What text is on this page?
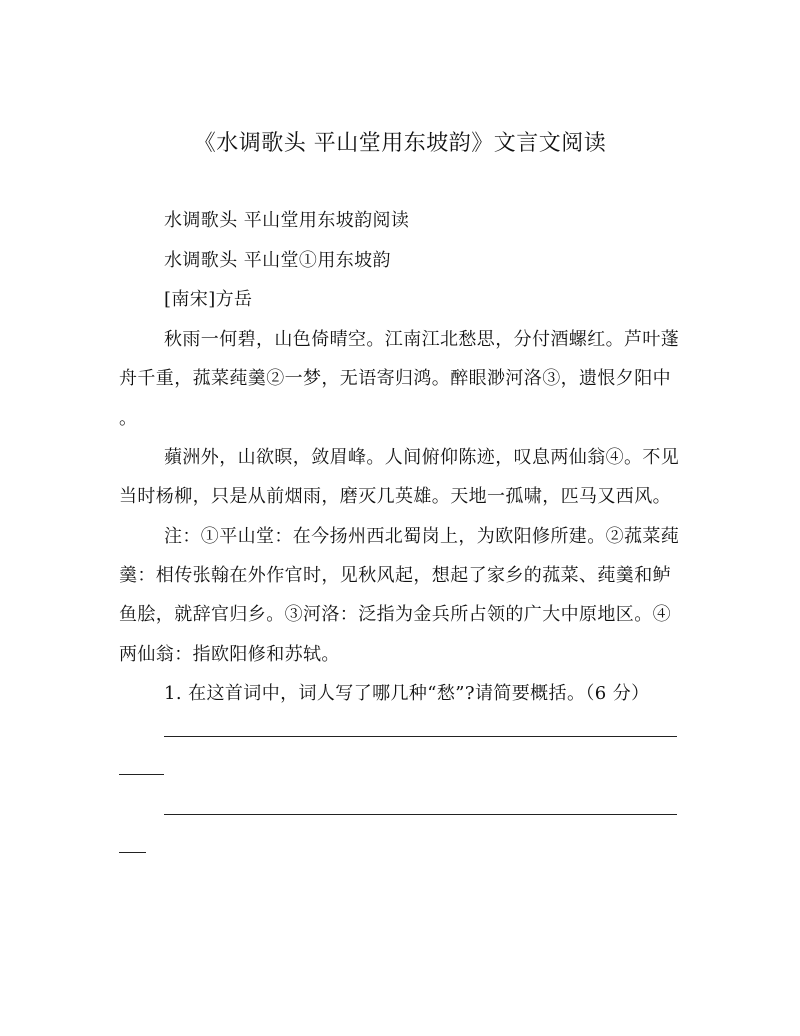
《水调歌头 平山堂用东坡韵》文言文阅读
水调歌头 平山堂用东坡韵阅读
水调歌头 平山堂①用东坡韵
[南宋]方岳
秋雨一何碧，山色倚晴空。江南江北愁思，分付酒螺红。芦叶蓬
舟千重，菰菜莼羹②一梦，无语寄归鸿。醉眼渺河洛③，遗恨夕阳中
。
蘋洲外，山欲暝，敛眉峰。人间俯仰陈迹，叹息两仙翁④。不见
当时杨柳，只是从前烟雨，磨灭几英雄。天地一孤啸，匹马又西风。
注：①平山堂：在今扬州西北蜀岗上，为欧阳修所建。②菰菜莼
羹：相传张翰在外作官时，见秋风起，想起了家乡的菰菜、莼羹和鲈
鱼脍，就辞官归乡。③河洛：泛指为金兵所占领的广大中原地区。④
两仙翁：指欧阳修和苏轼。
1. 在这首词中，词人写了哪几种“愁”?请简要概括。（6 分）
